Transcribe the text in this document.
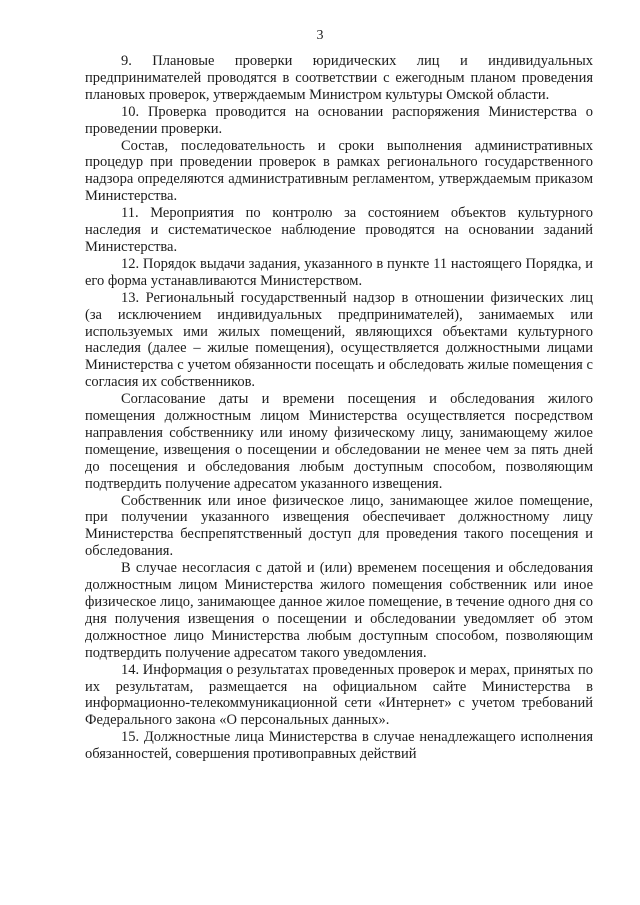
3

9. Плановые проверки юридических лиц и индивидуальных предпринимателей проводятся в соответствии с ежегодным планом проведения плановых проверок, утверждаемым Министром культуры Омской области.

10. Проверка проводится на основании распоряжения Министерства о проведении проверки.

Состав, последовательность и сроки выполнения административных процедур при проведении проверок в рамках регионального государственного надзора определяются административным регламентом, утверждаемым приказом Министерства.

11. Мероприятия по контролю за состоянием объектов культурного наследия и систематическое наблюдение проводятся на основании заданий Министерства.

12. Порядок выдачи задания, указанного в пункте 11 настоящего Порядка, и его форма устанавливаются Министерством.

13. Региональный государственный надзор в отношении физических лиц (за исключением индивидуальных предпринимателей), занимаемых или используемых ими жилых помещений, являющихся объектами культурного наследия (далее – жилые помещения), осуществляется должностными лицами Министерства с учетом обязанности посещать и обследовать жилые помещения с согласия их собственников.

Согласование даты и времени посещения и обследования жилого помещения должностным лицом Министерства осуществляется посредством направления собственнику или иному физическому лицу, занимающему жилое помещение, извещения о посещении и обследовании не менее чем за пять дней до посещения и обследования любым доступным способом, позволяющим подтвердить получение адресатом указанного извещения.

Собственник или иное физическое лицо, занимающее жилое помещение, при получении указанного извещения обеспечивает должностному лицу Министерства беспрепятственный доступ для проведения такого посещения и обследования.

В случае несогласия с датой и (или) временем посещения и обследования должностным лицом Министерства жилого помещения собственник или иное физическое лицо, занимающее данное жилое помещение, в течение одного дня со дня получения извещения о посещении и обследовании уведомляет об этом должностное лицо Министерства любым доступным способом, позволяющим подтвердить получение адресатом такого уведомления.

14. Информация о результатах проведенных проверок и мерах, принятых по их результатам, размещается на официальном сайте Министерства в информационно-телекоммуникационной сети «Интернет» с учетом требований Федерального закона «О персональных данных».

15. Должностные лица Министерства в случае ненадлежащего исполнения обязанностей, совершения противоправных действий
